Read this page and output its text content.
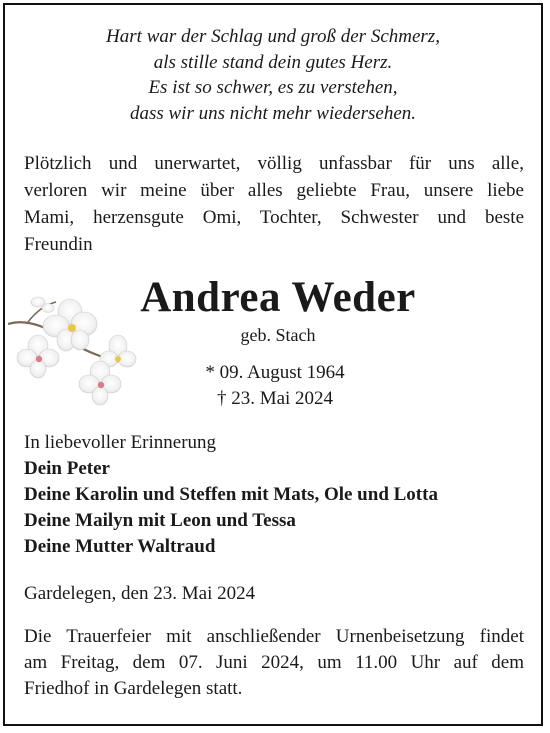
Hart war der Schlag und groß der Schmerz,
als stille stand dein gutes Herz.
Es ist so schwer, es zu verstehen,
dass wir uns nicht mehr wiedersehen.
Plötzlich und unerwartet, völlig unfassbar für uns alle,
verloren wir meine über alles geliebte Frau, unsere liebe
Mami, herzensgute Omi, Tochter, Schwester und beste
Freundin
Andrea Weder
geb. Stach
* 09. August 1964
† 23. Mai 2024
In liebevoller Erinnerung
Dein Peter
Deine Karolin und Steffen mit Mats, Ole und Lotta
Deine Mailyn mit Leon und Tessa
Deine Mutter Waltraud
Gardelegen, den 23. Mai 2024
Die Trauerfeier mit anschließender Urnenbeisetzung findet
am Freitag, dem 07. Juni 2024, um 11.00 Uhr auf dem
Friedhof in Gardelegen statt.
